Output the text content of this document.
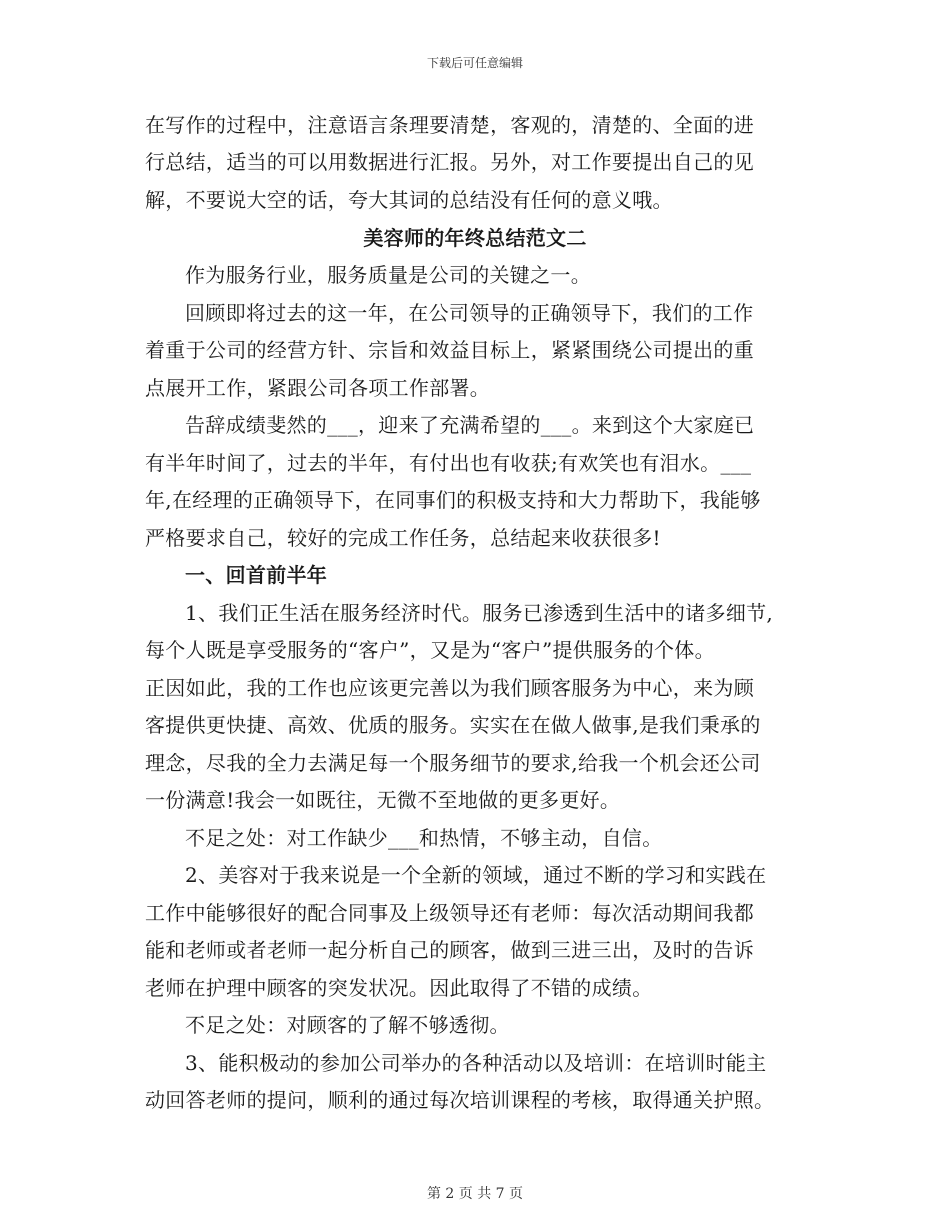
下载后可任意编辑
在写作的过程中，注意语言条理要清楚，客观的，清楚的、全面的进
行总结，适当的可以用数据进行汇报。另外，对工作要提出自己的见
解，不要说大空的话，夸大其词的总结没有任何的意义哦。
美容师的年终总结范文二
作为服务行业，服务质量是公司的关键之一。
回顾即将过去的这一年，在公司领导的正确领导下，我们的工作
着重于公司的经营方针、宗旨和效益目标上，紧紧围绕公司提出的重
点展开工作，紧跟公司各项工作部署。
告辞成绩斐然的___，迎来了充满希望的___。来到这个大家庭已
有半年时间了，过去的半年，有付出也有收获;有欢笑也有泪水。___
年,在经理的正确领导下，在同事们的积极支持和大力帮助下，我能够
严格要求自己，较好的完成工作任务，总结起来收获很多!
一、回首前半年
1、我们正生活在服务经济时代。服务已渗透到生活中的诸多细节,
每个人既是享受服务的“客户”，又是为“客户”提供服务的个体。
正因如此，我的工作也应该更完善以为我们顾客服务为中心，来为顾
客提供更快捷、高效、优质的服务。实实在在做人做事,是我们秉承的
理念，尽我的全力去满足每一个服务细节的要求,给我一个机会还公司
一份满意!我会一如既往，无微不至地做的更多更好。
不足之处：对工作缺少___和热情，不够主动，自信。
2、美容对于我来说是一个全新的领域，通过不断的学习和实践在
工作中能够很好的配合同事及上级领导还有老师：每次活动期间我都
能和老师或者老师一起分析自己的顾客，做到三进三出，及时的告诉
老师在护理中顾客的突发状况。因此取得了不错的成绩。
不足之处：对顾客的了解不够透彻。
3、能积极动的参加公司举办的各种活动以及培训：在培训时能主
动回答老师的提问，顺利的通过每次培训课程的考核，取得通关护照。
第 2 页 共 7 页
